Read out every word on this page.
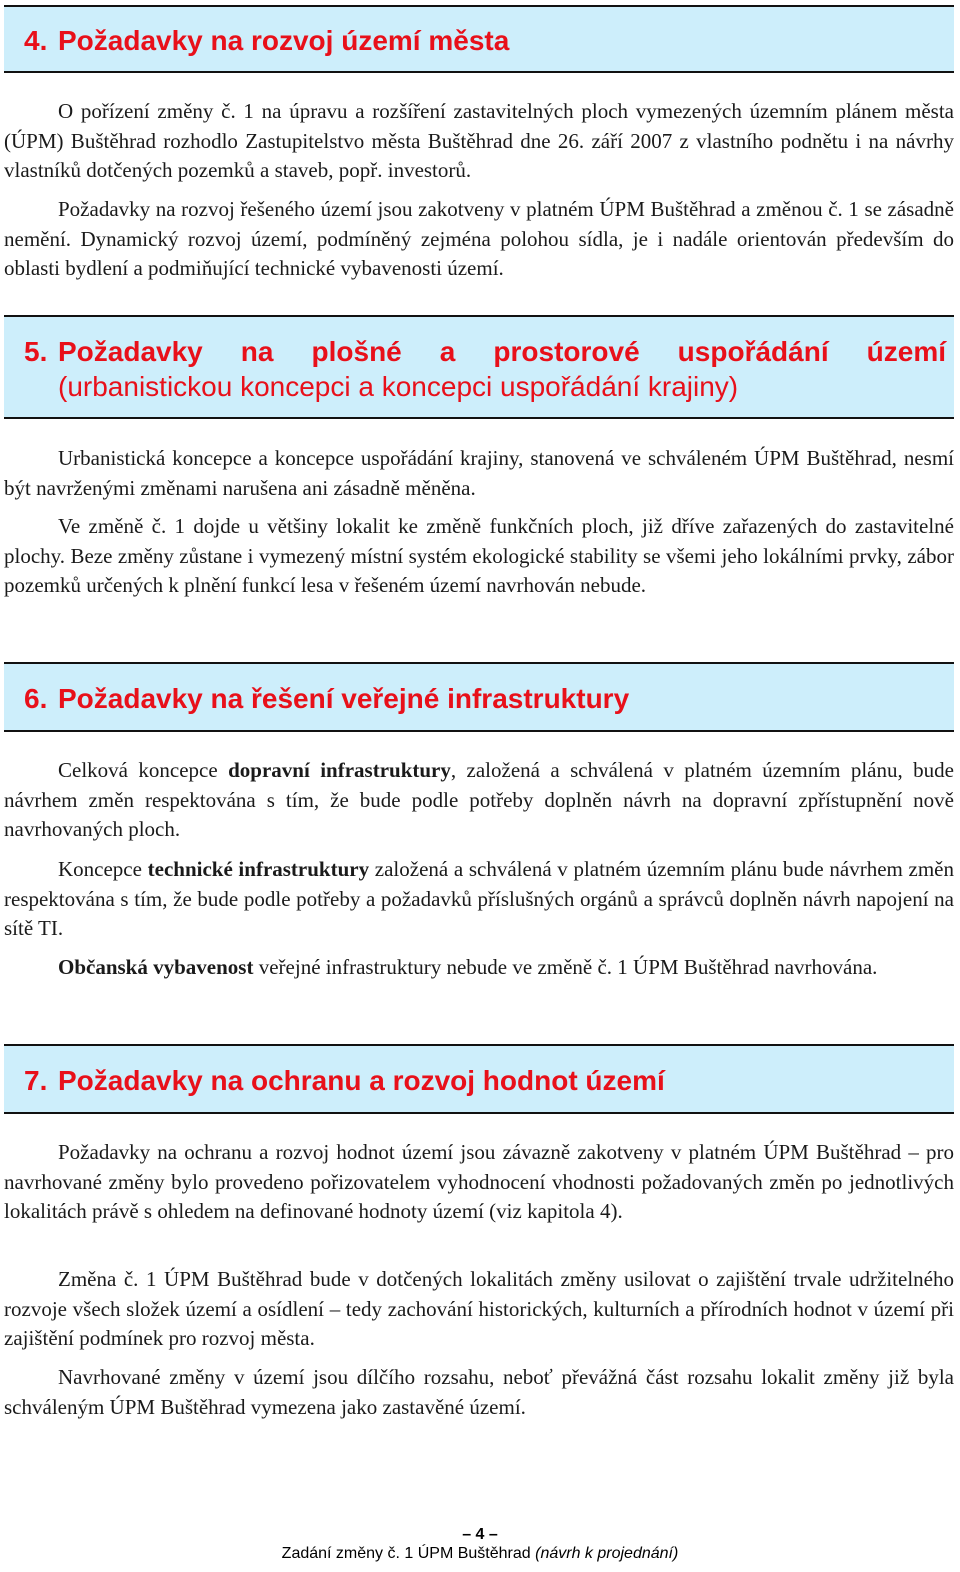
4. Požadavky na rozvoj území města

O pořízení změny č. 1 na úpravu a rozšíření zastavitelných ploch vymezených územním plánem města (ÚPM) Buštěhrad rozhodlo Zastupitelstvo města Buštěhrad dne 26. září 2007 z vlastního podnětu i na návrhy vlastníků dotčených pozemků a staveb, popř. investorů.

Požadavky na rozvoj řešeného území jsou zakotveny v platném ÚPM Buštěhrad a změnou č. 1 se zásadně nemění. Dynamický rozvoj území, podmíněný zejména polohou sídla, je i nadále orientován především do oblasti bydlení a podmiňující technické vybavenosti území.

5. Požadavky na plošné a prostorové uspořádání území (urbanistickou koncepci a koncepci uspořádání krajiny)

Urbanistická koncepce a koncepce uspořádání krajiny, stanovená ve schváleném ÚPM Buštěhrad, nesmí být navrženými změnami narušena ani zásadně měněna.

Ve změně č. 1 dojde u většiny lokalit ke změně funkčních ploch, již dříve zařazených do zastavitelné plochy. Beze změny zůstane i vymezený místní systém ekologické stability se všemi jeho lokálními prvky, zábor pozemků určených k plnění funkcí lesa v řešeném území navrhován nebude.

6. Požadavky na řešení veřejné infrastruktury

Celková koncepce dopravní infrastruktury, založená a schválená v platném územním plánu, bude návrhem změn respektována s tím, že bude podle potřeby doplněn návrh na dopravní zpřístupnění nově navrhovaných ploch.

Koncepce technické infrastruktury založená a schválená v platném územním plánu bude návrhem změn respektována s tím, že bude podle potřeby a požadavků příslušných orgánů a správců doplněn návrh napojení na sítě TI.

Občanská vybavenost veřejné infrastruktury nebude ve změně č. 1 ÚPM Buštěhrad navrhována.

7. Požadavky na ochranu a rozvoj hodnot území

Požadavky na ochranu a rozvoj hodnot území jsou závazně zakotveny v platném ÚPM Buštěhrad – pro navrhované změny bylo provedeno pořizovatelem vyhodnocení vhodnosti požadovaných změn po jednotlivých lokalitách právě s ohledem na definované hodnoty území (viz kapitola 4).

Změna č. 1 ÚPM Buštěhrad bude v dotčených lokalitách změny usilovat o zajištění trvale udržitelného rozvoje všech složek území a osídlení – tedy zachování historických, kulturních a přírodních hodnot v území při zajištění podmínek pro rozvoj města.

Navrhované změny v území jsou dílčího rozsahu, neboť převážná část rozsahu lokalit změny již byla schváleným ÚPM Buštěhrad vymezena jako zastavěné území.

– 4 –
Zadání změny č. 1 ÚPM Buštěhrad (návrh k projednání)
